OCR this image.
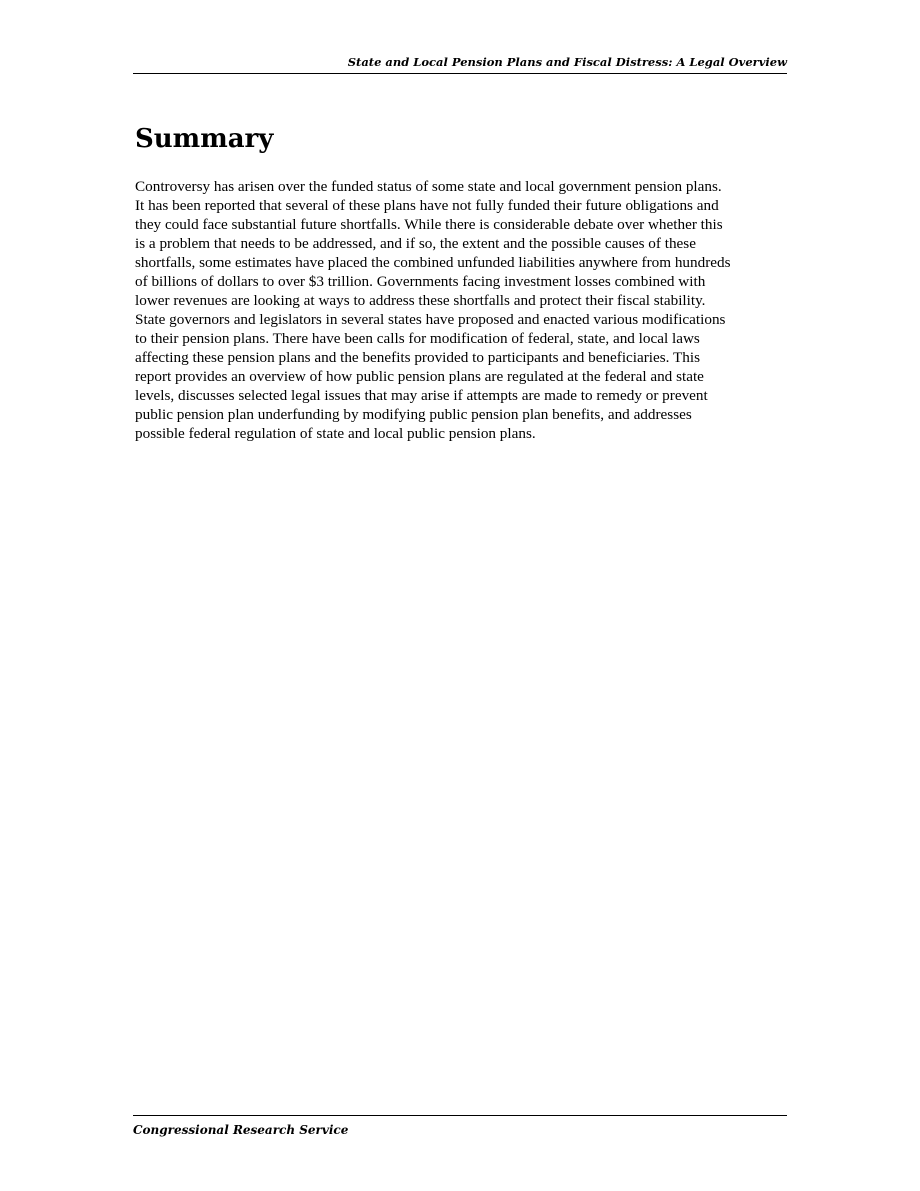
State and Local Pension Plans and Fiscal Distress: A Legal Overview
Summary
Controversy has arisen over the funded status of some state and local government pension plans.
It has been reported that several of these plans have not fully funded their future obligations and
they could face substantial future shortfalls. While there is considerable debate over whether this
is a problem that needs to be addressed, and if so, the extent and the possible causes of these
shortfalls, some estimates have placed the combined unfunded liabilities anywhere from hundreds
of billions of dollars to over $3 trillion. Governments facing investment losses combined with
lower revenues are looking at ways to address these shortfalls and protect their fiscal stability.
State governors and legislators in several states have proposed and enacted various modifications
to their pension plans. There have been calls for modification of federal, state, and local laws
affecting these pension plans and the benefits provided to participants and beneficiaries. This
report provides an overview of how public pension plans are regulated at the federal and state
levels, discusses selected legal issues that may arise if attempts are made to remedy or prevent
public pension plan underfunding by modifying public pension plan benefits, and addresses
possible federal regulation of state and local public pension plans.
Congressional Research Service
